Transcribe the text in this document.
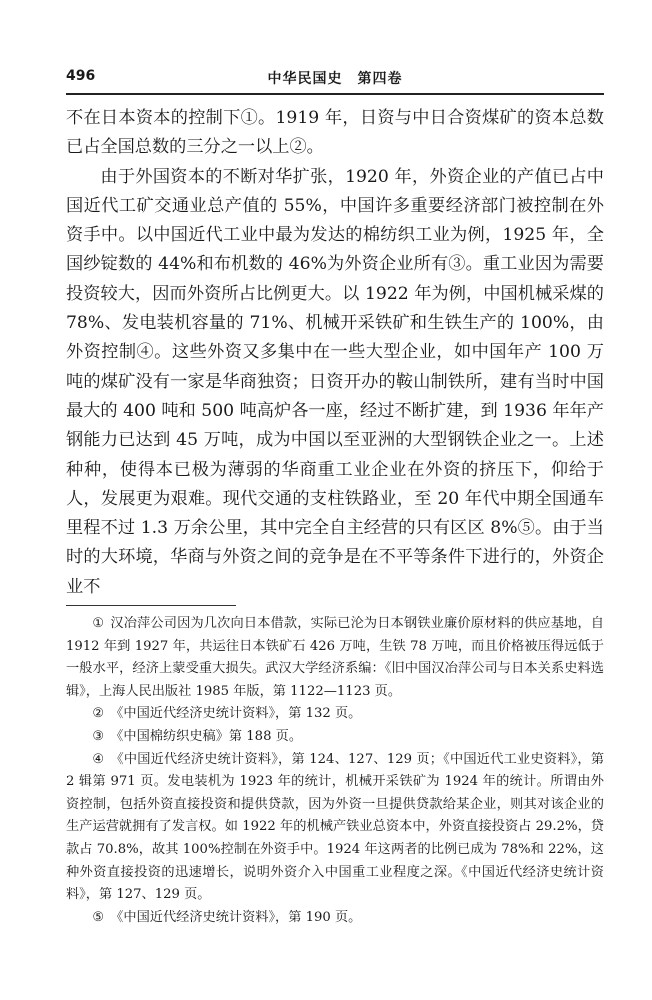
496	中华民国史　第四卷

不在日本资本的控制下①。1919 年，日资与中日合资煤矿的资本总数已占全国总数的三分之一以上②。

由于外国资本的不断对华扩张，1920 年，外资企业的产值已占中国近代工矿交通业总产值的 55%，中国许多重要经济部门被控制在外资手中。以中国近代工业中最为发达的棉纺织工业为例，1925 年，全国纱锭数的 44%和布机数的 46%为外资企业所有③。重工业因为需要投资较大，因而外资所占比例更大。以 1922 年为例，中国机械采煤的 78%、发电装机容量的 71%、机械开采铁矿和生铁生产的 100%，由外资控制④。这些外资又多集中在一些大型企业，如中国年产 100 万吨的煤矿没有一家是华商独资；日资开办的鞍山制铁所，建有当时中国最大的 400 吨和 500 吨高炉各一座，经过不断扩建，到 1936 年年产钢能力已达到 45 万吨，成为中国以至亚洲的大型钢铁企业之一。上述种种，使得本已极为薄弱的华商重工业企业在外资的挤压下，仰给于人，发展更为艰难。现代交通的支柱铁路业，至 20 年代中期全国通车里程不过 1.3 万余公里，其中完全自主经营的只有区区 8%⑤。由于当时的大环境，华商与外资之间的竞争是在不平等条件下进行的，外资企业不

① 汉冶萍公司因为几次向日本借款，实际已沦为日本钢铁业廉价原材料的供应基地，自 1912 年到 1927 年，共运往日本铁矿石 426 万吨，生铁 78 万吨，而且价格被压得远低于一般水平，经济上蒙受重大损失。武汉大学经济系编：《旧中国汉冶萍公司与日本关系史料选辑》，上海人民出版社 1985 年版，第 1122—1123 页。

② 《中国近代经济史统计资料》，第 132 页。

③ 《中国棉纺织史稿》第 188 页。

④ 《中国近代经济史统计资料》，第 124、127、129 页；《中国近代工业史资料》，第 2 辑第 971 页。发电装机为 1923 年的统计，机械开采铁矿为 1924 年的统计。所谓由外资控制，包括外资直接投资和提供贷款，因为外资一旦提供贷款给某企业，则其对该企业的生产运营就拥有了发言权。如 1922 年的机械产铁业总资本中，外资直接投资占 29.2%，贷款占 70.8%，故其 100%控制在外资手中。1924 年这两者的比例已成为 78%和 22%，这种外资直接投资的迅速增长，说明外资介入中国重工业程度之深。《中国近代经济史统计资料》，第 127、129 页。

⑤ 《中国近代经济史统计资料》，第 190 页。
